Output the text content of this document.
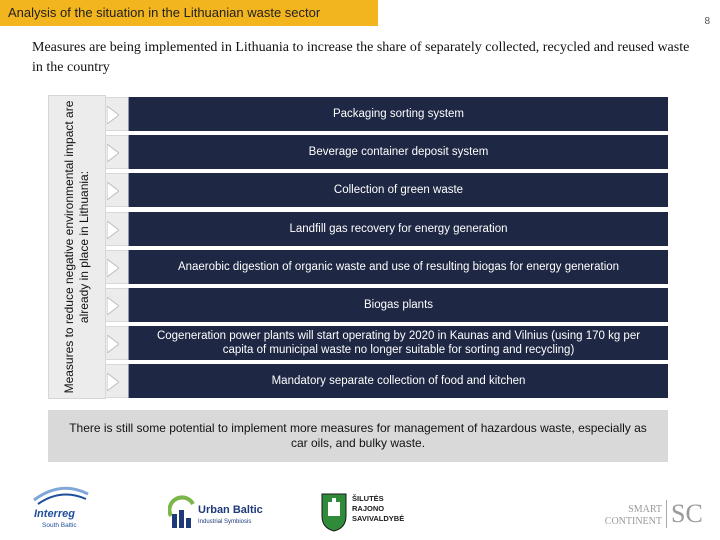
Analysis of the situation in the Lithuanian waste sector
8
Measures are being implemented in Lithuania to increase the share of separately collected, recycled and reused waste in the country
Measures to reduce negative environmental impact are already in place in Lithuania:
Packaging sorting system
Beverage container deposit system
Collection of green waste
Landfill gas recovery for energy generation
Anaerobic digestion of organic waste and use of resulting biogas for energy generation
Biogas plants
Cogeneration power plants will start operating by 2020 in Kaunas and Vilnius (using 170 kg per capita of municipal waste no longer suitable for sorting and recycling)
Mandatory separate collection of food and kitchen
There is still some potential to implement more measures for management of hazardous waste, especially as car oils, and bulky waste.
Interreg
South Baltic
Urban Baltic
Industrial Symbiosis
ŠILUTĖS
RAJONO
SAVIVALDYBĖ
SMART
CONTINENT SC
